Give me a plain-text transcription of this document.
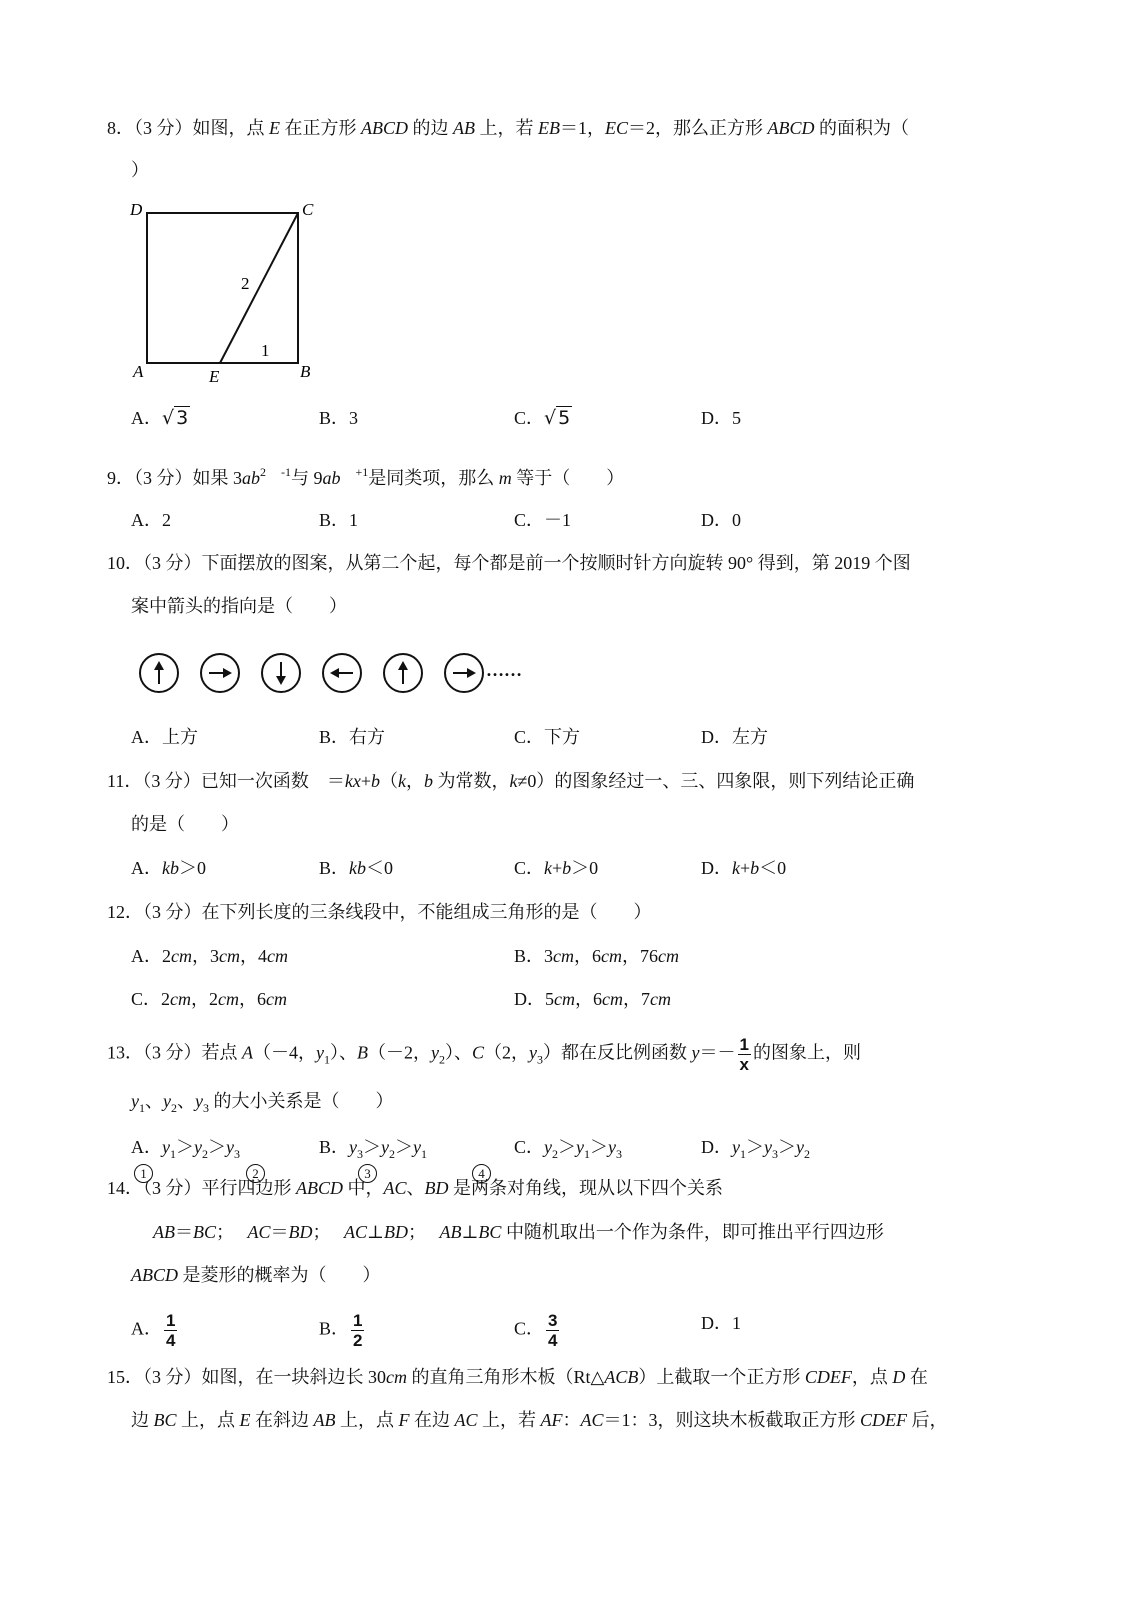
8．（3 分）如图，点 E 在正方形 ABCD 的边 AB 上，若 EB＝1，EC＝2，那么正方形 ABCD 的面积为（
）
D	C
A	E	B
2
1
9．（3 分）如果 $3ab^2$　 $^{-1}$与 9ab　 $^{+1}$是同类项，那么 m 等于（　　）
10．（3 分）下面摆放的图案，从第二个起，每个都是前一个按顺时针方向旋转 90° 得到，第 2019 个图
案中箭头的指向是（　　）
……
11．（3 分）已知一次函数　＝kx+b（k，b 为常数，k≠0）的图象经过一、三、四象限，则下列结论正确
的是（　　）
12．（3 分）在下列长度的三条线段中，不能组成三角形的是（　　）
13．（3 分）若点 A（－4，$y_1$）、B（－2，$y_2$）、C（2，$y_3$）都在反比例函数 $y=- \frac{1}{x}$ 的图象上，则
$y_1$、$y_2$、$y_3$ 的大小关系是（　　）
1	2	3	4
14．（3 分）平行四边形 ABCD 中，AC、BD 是两条对角线，现从以下四个关系
AB＝BC；　 AC＝BD；　 AC⊥BD；　 AB⊥BC 中随机取出一个作为条件，即可推出平行四边形
ABCD 是菱形的概率为（　　）
15．（3 分）如图，在一块斜边长 30cm 的直角三角形木板（Rt△ACB）上截取一个正方形 CDEF，点 D 在
边 BC 上，点 E 在斜边 AB 上，点 F 在边 AC 上，若 AF：AC＝1：3，则这块木板截取正方形 CDEF 后，
A．√ 3	B．3	C．√ 5	D．5
A．2	B．1	C．－1	D．0
A．上方	B．右方	C．下方	D．左方
A．kb＞0	B．kb＜0	C．k+b＞0	D．k+b＜0
A．2cm，3cm，4cm	B．3cm，6cm，76cm
C．2cm，2cm，6cm	D．5cm，6cm，7cm
A．$y_1>y_2>y_3$	B．$y_3>y_2>y_1$	C．$y_2>y_1>y_3$	D．$y_1>y_3>y_2$
A． $\frac{1}{4}$	B． $\frac{1}{2}$	C． $\frac{3}{4}$	D．1
